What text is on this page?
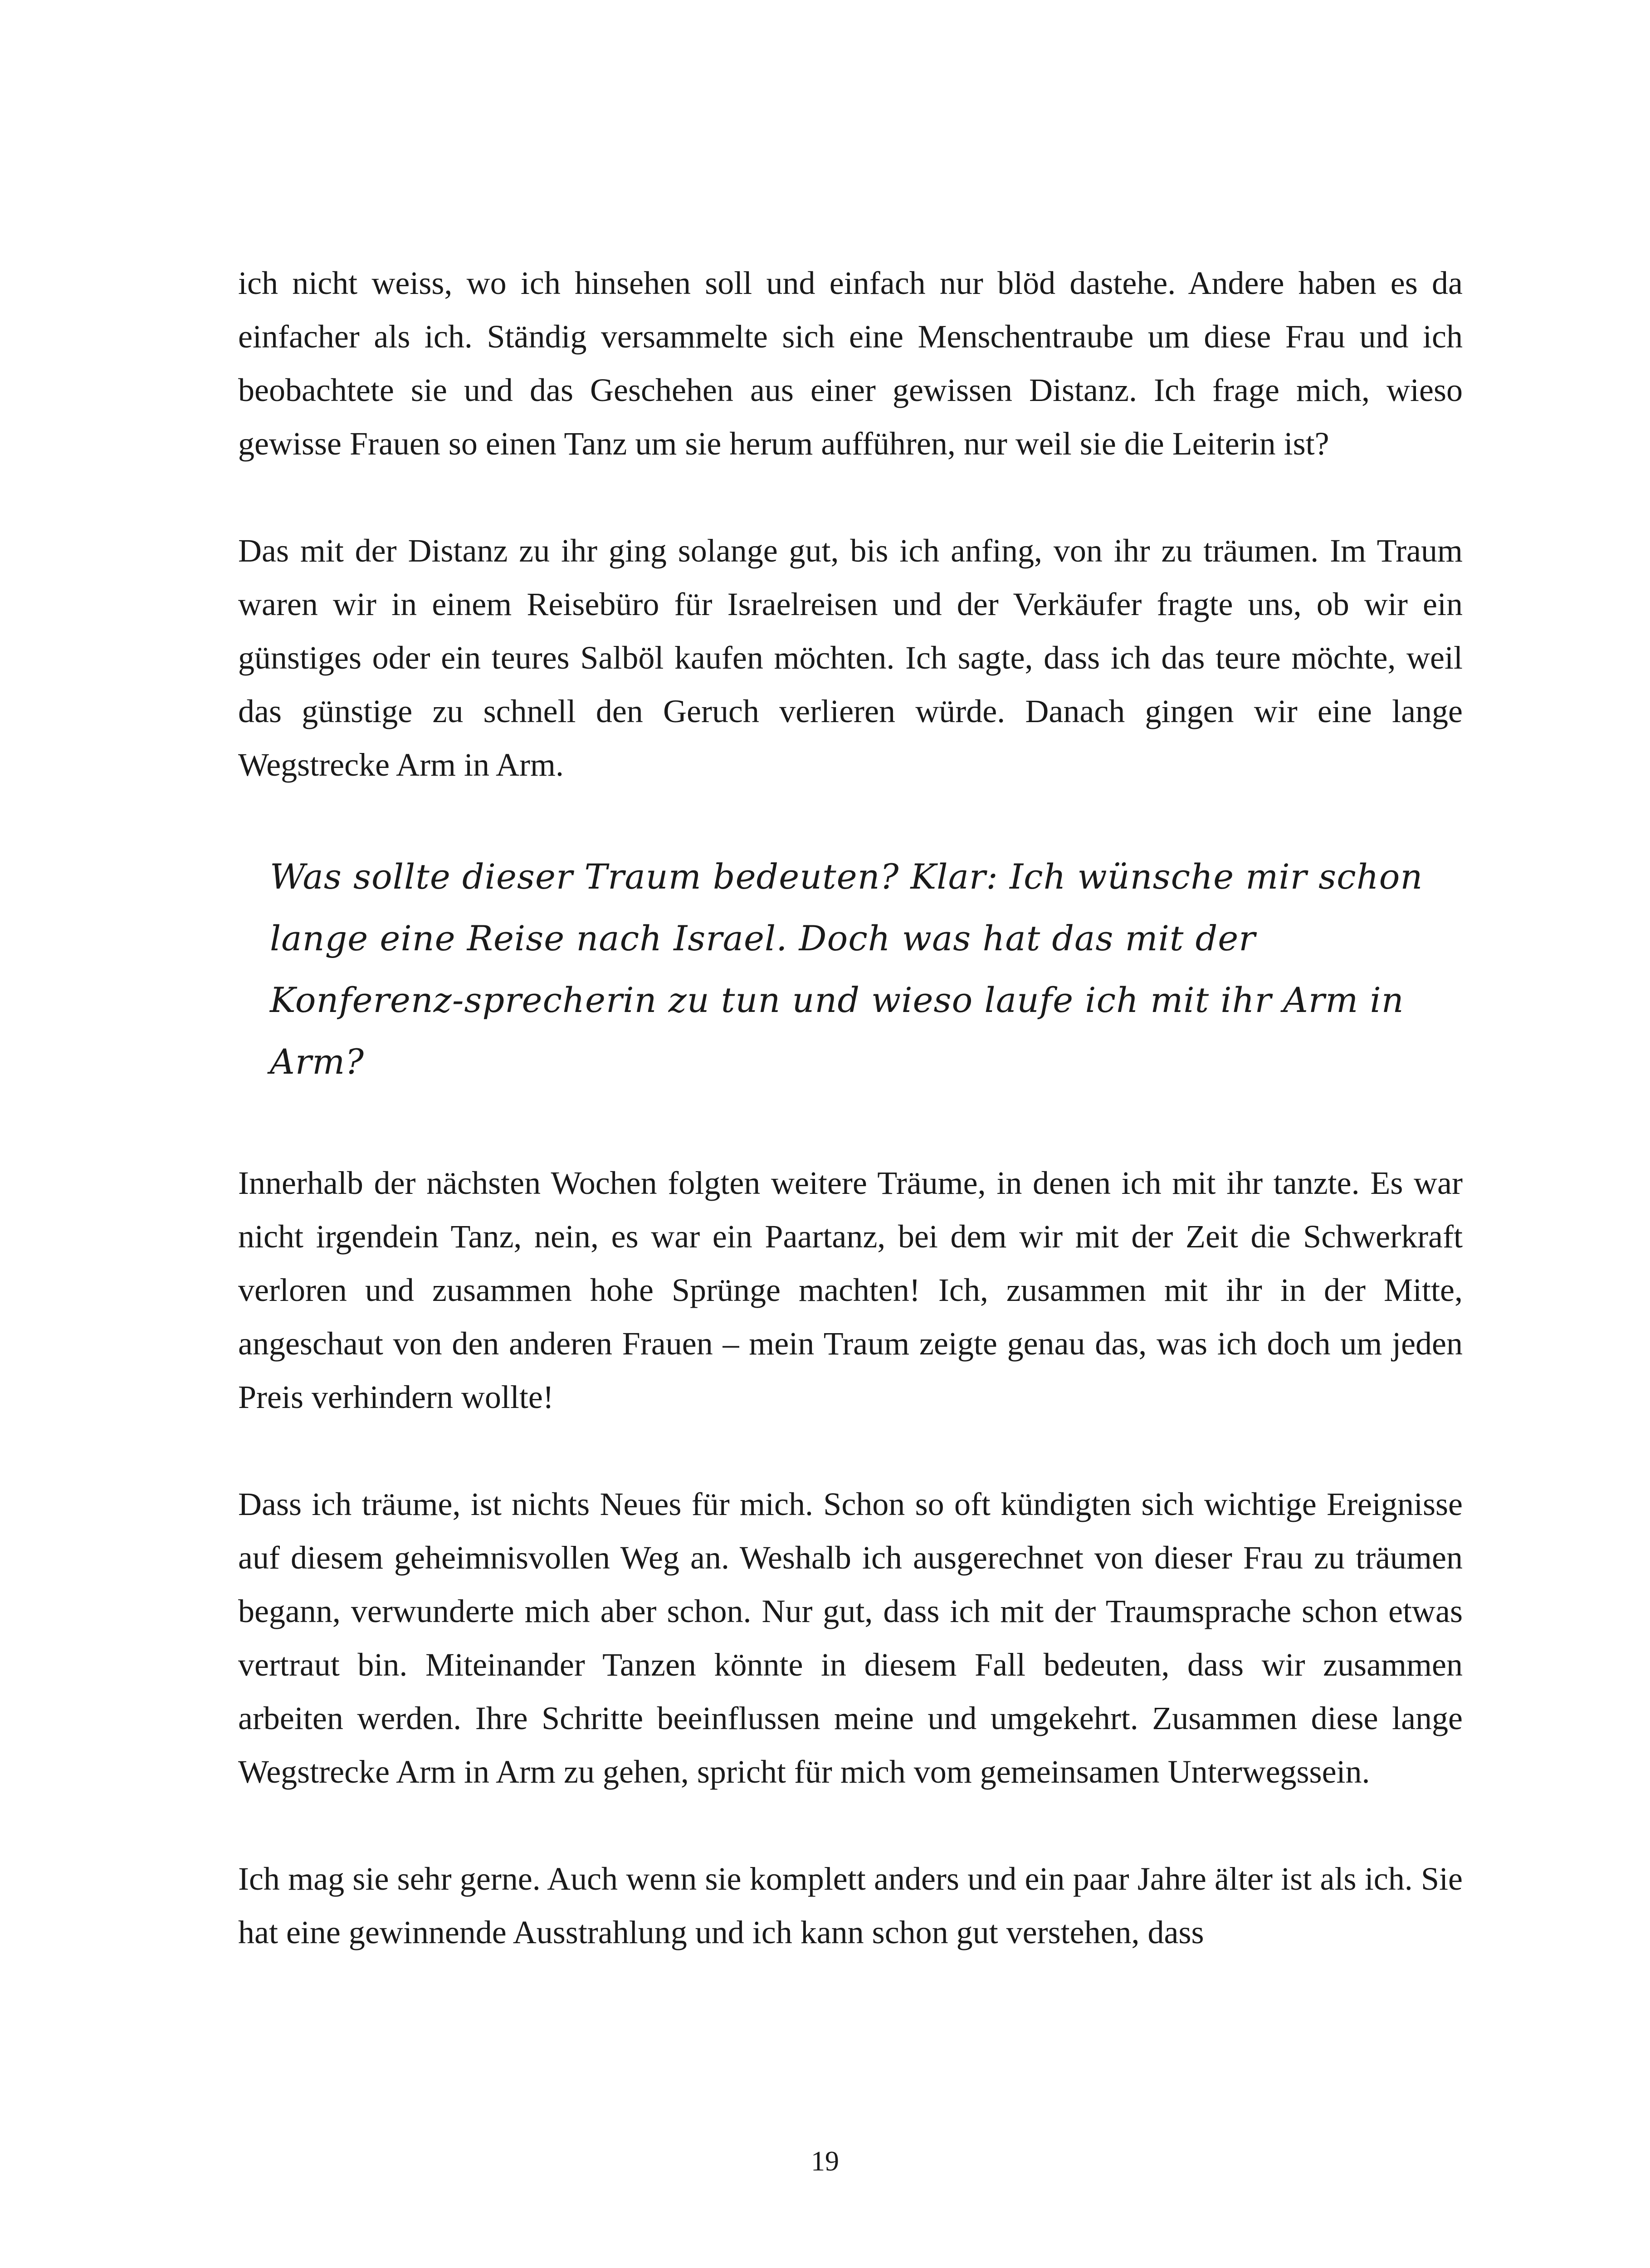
ich nicht weiss, wo ich hinsehen soll und einfach nur blöd dastehe. Andere haben es da einfacher als ich. Ständig versammelte sich eine Menschentraube um diese Frau und ich beobachtete sie und das Geschehen aus einer gewissen Distanz. Ich frage mich, wieso gewisse Frauen so einen Tanz um sie herum aufführen, nur weil sie die Leiterin ist?

Das mit der Distanz zu ihr ging solange gut, bis ich anfing, von ihr zu träumen. Im Traum waren wir in einem Reisebüro für Israelreisen und der Verkäufer fragte uns, ob wir ein günstiges oder ein teures Salböl kaufen möchten. Ich sagte, dass ich das teure möchte, weil das günstige zu schnell den Geruch verlieren würde. Danach gingen wir eine lange Wegstrecke Arm in Arm.

Was sollte dieser Traum bedeuten? Klar: Ich wünsche mir schon lange eine Reise nach Israel. Doch was hat das mit der Konferenz-sprecherin zu tun und wieso laufe ich mit ihr Arm in Arm?

Innerhalb der nächsten Wochen folgten weitere Träume, in denen ich mit ihr tanzte. Es war nicht irgendein Tanz, nein, es war ein Paartanz, bei dem wir mit der Zeit die Schwerkraft verloren und zusammen hohe Sprünge machten! Ich, zusammen mit ihr in der Mitte, angeschaut von den anderen Frauen – mein Traum zeigte genau das, was ich doch um jeden Preis verhindern wollte!

Dass ich träume, ist nichts Neues für mich. Schon so oft kündigten sich wichtige Ereignisse auf diesem geheimnisvollen Weg an. Weshalb ich ausgerechnet von dieser Frau zu träumen begann, verwunderte mich aber schon. Nur gut, dass ich mit der Traumsprache schon etwas vertraut bin. Miteinander Tanzen könnte in diesem Fall bedeuten, dass wir zusammen arbeiten werden. Ihre Schritte beeinflussen meine und umgekehrt. Zusammen diese lange Wegstrecke Arm in Arm zu gehen, spricht für mich vom gemeinsamen Unterwegssein.

Ich mag sie sehr gerne. Auch wenn sie komplett anders und ein paar Jahre älter ist als ich. Sie hat eine gewinnende Ausstrahlung und ich kann schon gut verstehen, dass

19
